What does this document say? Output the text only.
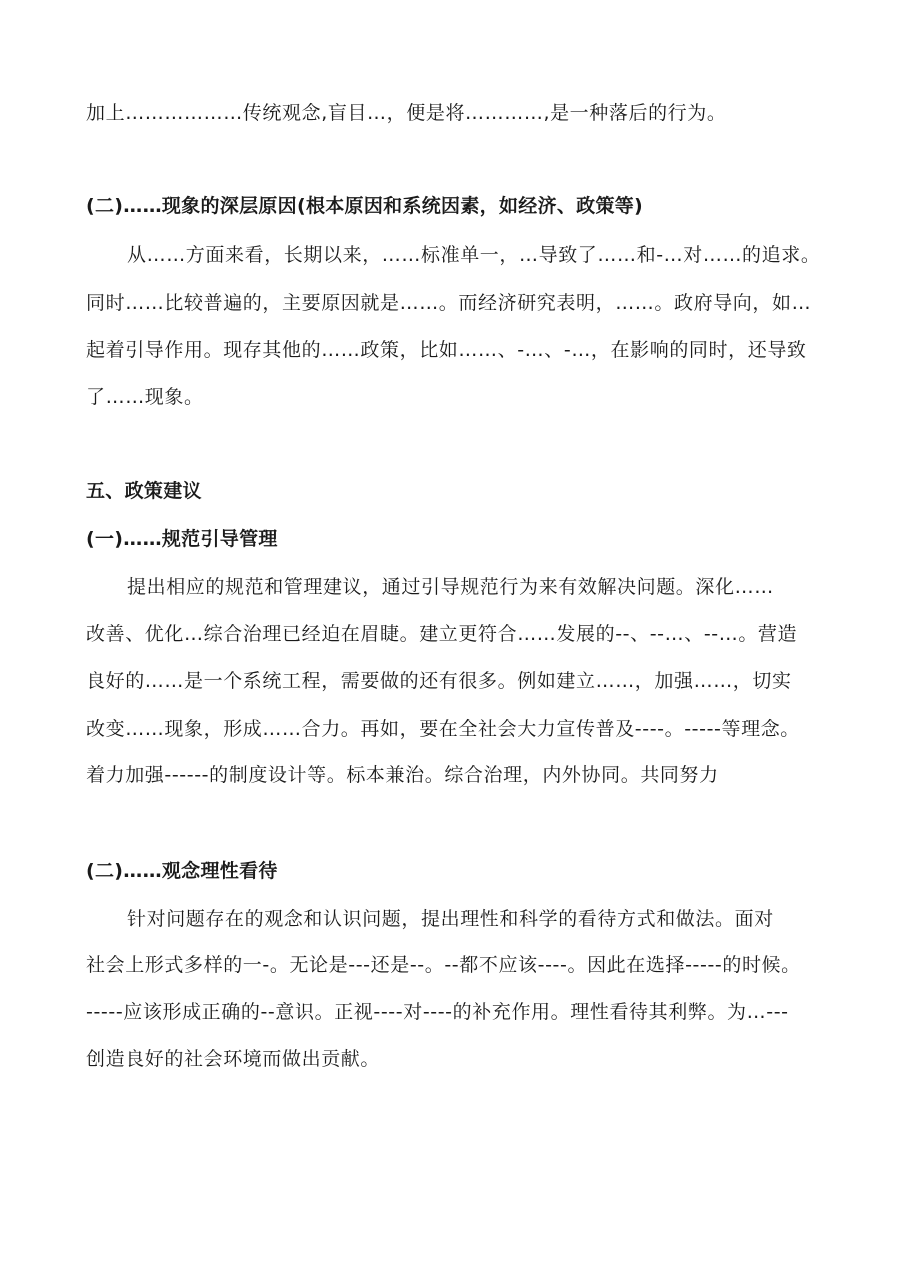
加上………………传统观念,盲目…，便是将…………,是一种落后的行为。
(二)……现象的深层原因(根本原因和系统因素，如经济、政策等)
从……方面来看，长期以来，……标准单一，…导致了……和-…对……的追求。
同时……比较普遍的，主要原因就是……。而经济研究表明，……。政府导向，如…
起着引导作用。现存其他的……政策，比如……、-…、-…，在影响的同时，还导致
了……现象。
五、政策建议
(一)……规范引导管理
提出相应的规范和管理建议，通过引导规范行为来有效解决问题。深化……
改善、优化…综合治理已经迫在眉睫。建立更符合……发展的--、--…、--…。营造
良好的……是一个系统工程，需要做的还有很多。例如建立……，加强……，切实
改变……现象，形成……合力。再如，要在全社会大力宣传普及----。-----等理念。
着力加强------的制度设计等。标本兼治。综合治理，内外协同。共同努力
(二)……观念理性看待
针对问题存在的观念和认识问题，提出理性和科学的看待方式和做法。面对
社会上形式多样的一-。无论是---还是--。--都不应该----。因此在选择-----的时候。
-----应该形成正确的--意识。正视----对----的补充作用。理性看待其利弊。为…---
创造良好的社会环境而做出贡献。
